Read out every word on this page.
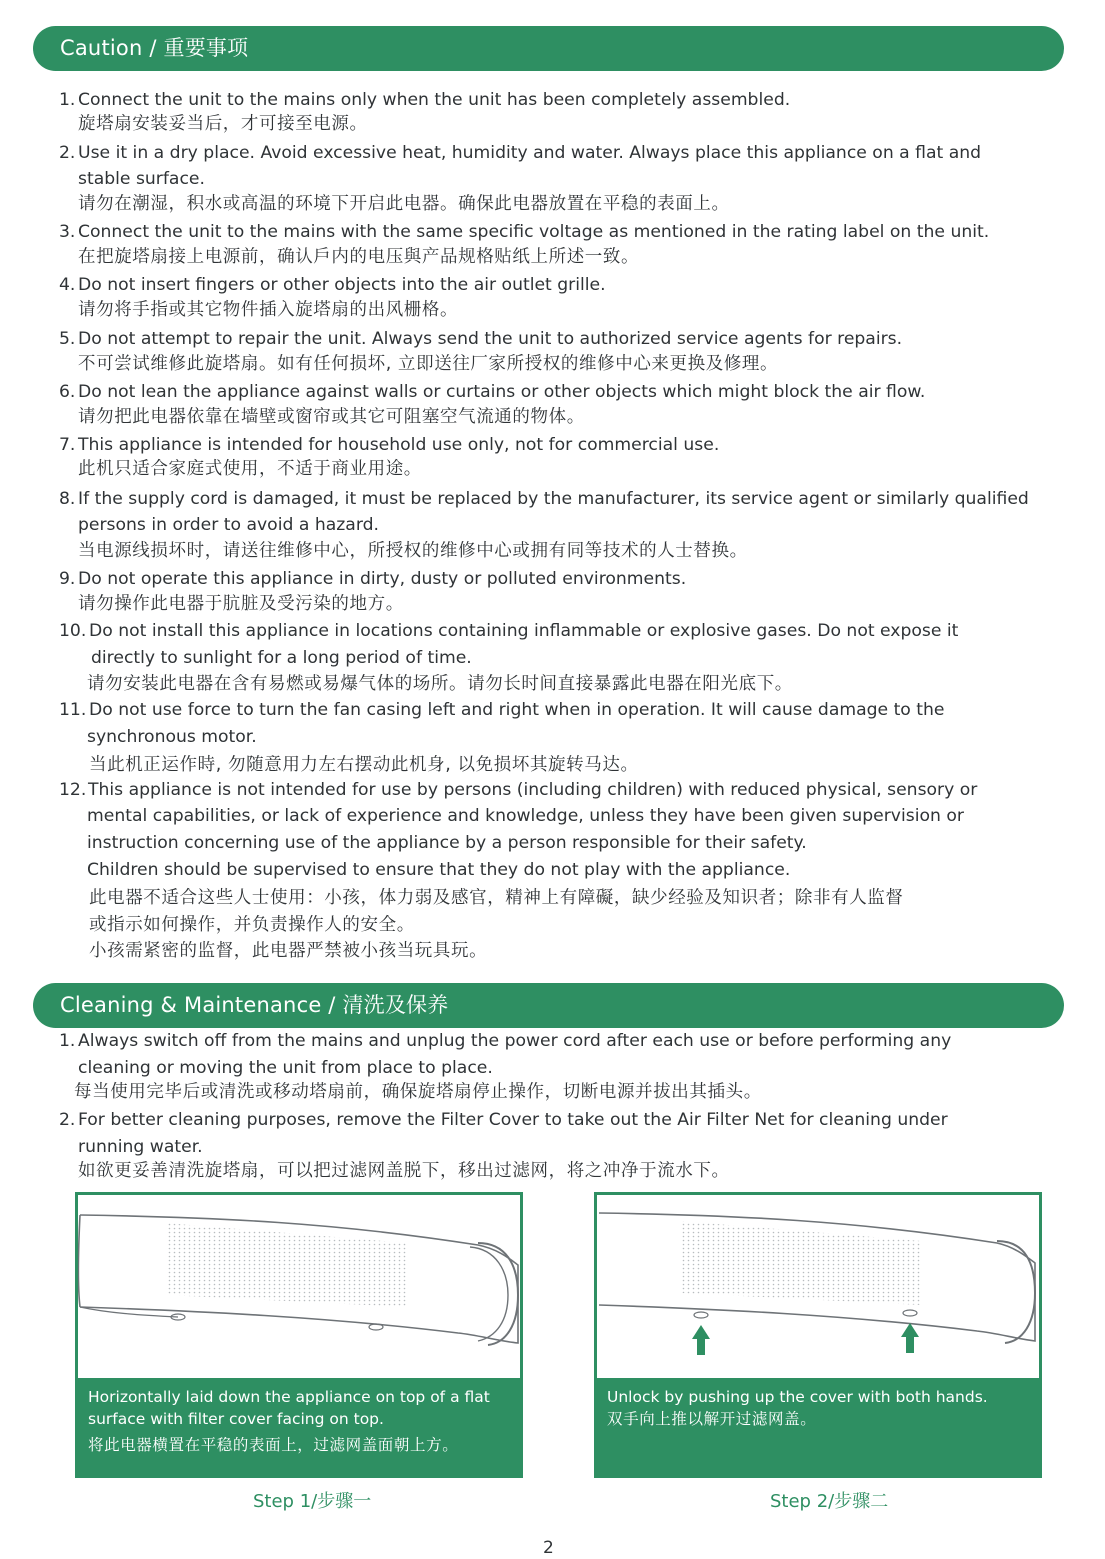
Caution / 重要事项
1. Connect the unit to the mains only when the unit has been completely assembled.
旋塔扇安装妥当后，才可接至电源。
2. Use it in a dry place. Avoid excessive heat, humidity and water. Always place this appliance on a flat and
stable surface.
请勿在潮湿，积水或高温的环境下开启此电器。确保此电器放置在平稳的表面上。
3. Connect the unit to the mains with the same specific voltage as mentioned in the rating label on the unit.
在把旋塔扇接上电源前，确认戶内的电压與产品规格贴纸上所述一致。
4. Do not insert fingers or other objects into the air outlet grille.
请勿将手指或其它物件插入旋塔扇的出风栅格。
5. Do not attempt to repair the unit. Always send the unit to authorized service agents for repairs.
不可尝试维修此旋塔扇。如有任何损坏, 立即送往厂家所授权的维修中心来更换及修理。
6. Do not lean the appliance against walls or curtains or other objects which might block the air flow.
请勿把此电器依靠在墙壁或窗帘或其它可阻塞空气流通的物体。
7. This appliance is intended for household use only, not for commercial use.
此机只适合家庭式使用，不适于商业用途。
8. If the supply cord is damaged, it must be replaced by the manufacturer, its service agent or similarly qualified
persons in order to avoid a hazard.
当电源线损坏时，请送往维修中心，所授权的维修中心或拥有同等技术的人士替换。
9. Do not operate this appliance in dirty, dusty or polluted environments.
请勿操作此电器于肮脏及受污染的地方。
10. Do not install this appliance in locations containing inflammable or explosive gases. Do not expose it
directly to sunlight for a long period of time.
请勿安装此电器在含有易燃或易爆气体的场所。请勿长时间直接暴露此电器在阳光底下。
11. Do not use force to turn the fan casing left and right when in operation. It will cause damage to the
synchronous motor.
当此机正运作時, 勿随意用力左右摆动此机身, 以免损坏其旋转马达。
12. This appliance is not intended for use by persons (including children) with reduced physical, sensory or
mental capabilities, or lack of experience and knowledge, unless they have been given supervision or
instruction concerning use of the appliance by a person responsible for their safety.
Children should be supervised to ensure that they do not play with the appliance.
此电器不适合这些人士使用：小孩，体力弱及感官，精神上有障礙，缺少经验及知识者；除非有人监督
或指示如何操作，并负责操作人的安全。
小孩需紧密的监督，此电器严禁被小孩当玩具玩。
Cleaning & Maintenance / 清洗及保养
1. Always switch off from the mains and unplug the power cord after each use or before performing any
cleaning or moving the unit from place to place.
每当使用完毕后或清洗或移动塔扇前，确保旋塔扇停止操作，切断电源并拔出其插头。
2. For better cleaning purposes, remove the Filter Cover to take out the Air Filter Net for cleaning under
running water.
如欲更妥善清洗旋塔扇，可以把过滤网盖脱下，移出过滤网，将之冲净于流水下。
Horizontally laid down the appliance on top of a flat
surface with filter cover facing on top.
将此电器横置在平稳的表面上，过滤网盖面朝上方。
Unlock by pushing up the cover with both hands.
双手向上推以解开过滤网盖。
Step 1/步骤一	Step 2/步骤二
2
